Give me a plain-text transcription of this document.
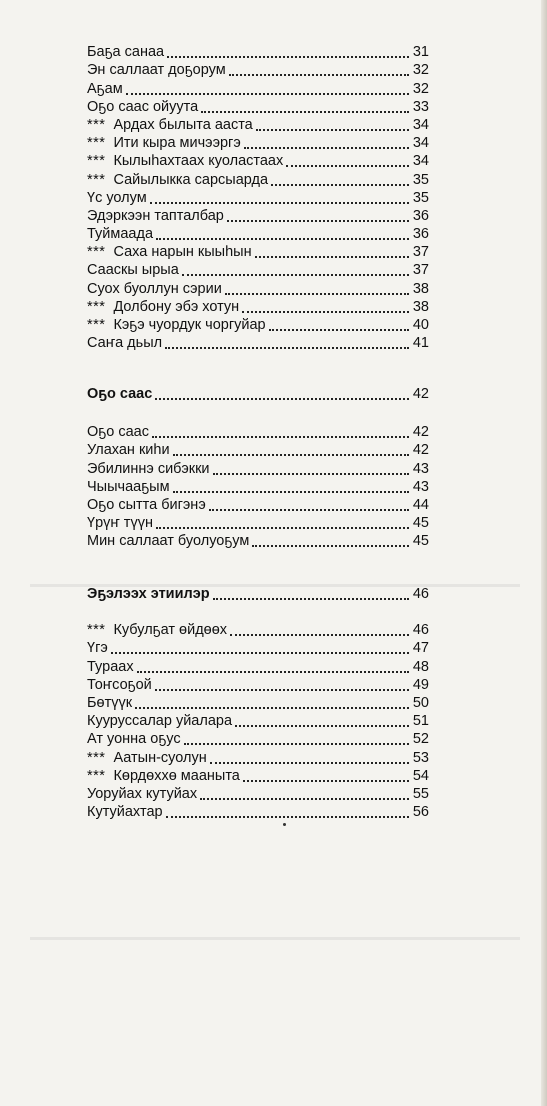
Баҕа санаа	31
Эн саллаат доҕорум	32
Аҕам	32
Оҕо саас ойуута	33
*** Ардах былыта ааста	34
*** Ити кыра мичээргэ	34
*** Кылыһахтаах куоластаах	34
*** Сайылыкка сарсыарда	35
Үс уолум	35
Эдэркээн тапталбар	36
Туймаада	36
*** Саха нарын кыыһын	37
Сааскы ырыа	37
Суох буоллун сэрии	38
*** Долбону эбэ хотун	38
*** Кэҕэ чуордук чоргуйар	40
Саҥа дьыл	41
Оҕо саас	42
Оҕо саас	42
Улахан киһи	42
Эбилиннэ сибэкки	43
Чыычааҕым	43
Оҕо сытта бигэнэ	44
Үрүҥ түүн	45
Мин саллаат буолуоҕум	45
Эҕэлээх этиилэр	46
*** Кубулҕат өйдөөх	46
Үгэ	47
Тураах	48
Тоҥсоҕой	49
Бөтүүк	50
Кууруссалар уйалара	51
Ат уонна оҕус	52
*** Аатын-суолун	53
*** Көрдөххө мааныта	54
Уоруйах кутуйах	55
Кутуйахтар	56
